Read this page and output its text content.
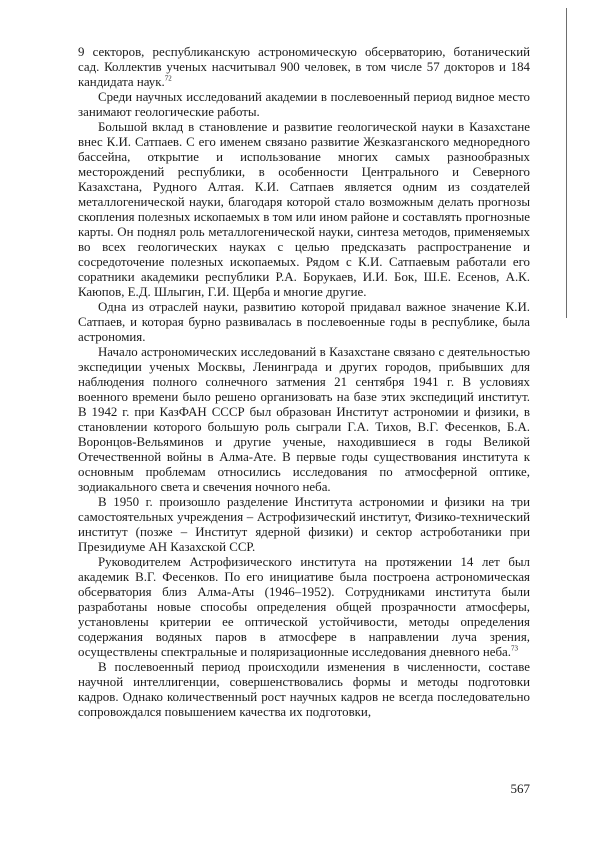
9 секторов, республиканскую астрономическую обсерваторию, ботанический сад. Коллектив ученых насчитывал 900 человек, в том числе 57 докторов и 184 кандидата наук.$^{72}$

Среди научных исследований академии в послевоенный период видное место занимают геологические работы.

Большой вклад в становление и развитие геологической науки в Казахстане внес К.И. Сатпаев. С его именем связано развитие Жезказганского медноредного бассейна, открытие и использование многих самых разнообразных месторождений республики, в особенности Центрального и Северного Казахстана, Рудного Алтая. К.И. Сатпаев является одним из создателей металлогенической науки, благодаря которой стало возможным делать прогнозы скопления полезных ископаемых в том или ином районе и составлять прогнозные карты. Он поднял роль металлогенической науки, синтеза методов, применяемых во всех геологических науках с целью предсказать распространение и сосредоточение полезных ископаемых. Рядом с К.И. Сатпаевым работали его соратники академики республики Р.А. Борукаев, И.И. Бок, Ш.Е. Есенов, А.К. Каюпов, Е.Д. Шлыгин, Г.И. Щерба и многие другие.

Одна из отраслей науки, развитию которой придавал важное значение К.И. Сатпаев, и которая бурно развивалась в послевоенные годы в республике, была астрономия.

Начало астрономических исследований в Казахстане связано с деятельностью экспедиции ученых Москвы, Ленинграда и других городов, прибывших для наблюдения полного солнечного затмения 21 сентября 1941 г. В условиях военного времени было решено организовать на базе этих экспедиций институт. В 1942 г. при КазФАН СССР был образован Институт астрономии и физики, в становлении которого большую роль сыграли Г.А. Тихов, В.Г. Фесенков, Б.А. Воронцов-Вельяминов и другие ученые, находившиеся в годы Великой Отечественной войны в Алма-Ате. В первые годы существования института к основным проблемам относились исследования по атмосферной оптике, зодиакального света и свечения ночного неба.

В 1950 г. произошло разделение Института астрономии и физики на три самостоятельных учреждения – Астрофизический институт, Физико-технический институт (позже – Институт ядерной физики) и сектор астроботаники при Президиуме АН Казахской ССР.

Руководителем Астрофизического института на протяжении 14 лет был академик В.Г. Фесенков. По его инициативе была построена астрономическая обсерватория близ Алма-Аты (1946–1952). Сотрудниками института были разработаны новые способы определения общей прозрачности атмосферы, установлены критерии ее оптической устойчивости, методы определения содержания водяных паров в атмосфере в направлении луча зрения, осуществлены спектральные и поляризационные исследования дневного неба.$^{73}$

В послевоенный период происходили изменения в численности, составе научной интеллигенции, совершенствовались формы и методы подготовки кадров. Однако количественный рост научных кадров не всегда последовательно сопровождался повышением качества их подготовки,

567
